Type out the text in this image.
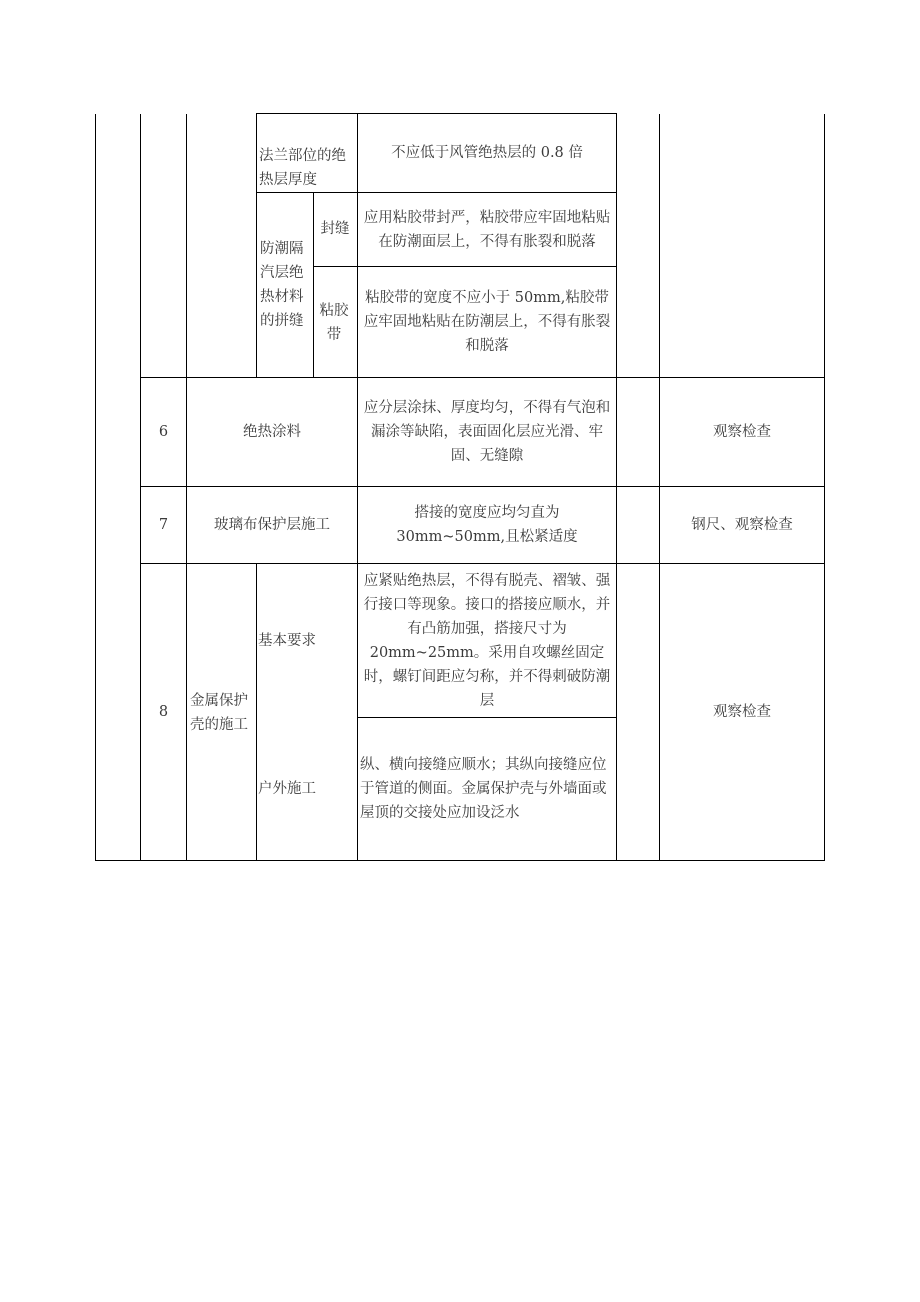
法兰部位的绝热层厚度
不应低于风管绝热层的 0.8 倍
防潮隔汽层绝热材料的拼缝
封缝
应用粘胶带封严，粘胶带应牢固地粘贴在防潮面层上，不得有胀裂和脱落
粘胶带
粘胶带的宽度不应小于 50mm,粘胶带应牢固地粘贴在防潮层上，不得有胀裂和脱落
6	绝热涂料
应分层涂抹、厚度均匀，不得有气泡和漏涂等缺陷，表面固化层应光滑、牢固、无缝隙
观察检查
7	玻璃布保护层施工
搭接的宽度应均匀直为 30mm~50mm,且松紧适度
钢尺、观察检查
8
金属保护壳的施工
基本要求
应紧贴绝热层，不得有脱壳、褶皱、强行接口等现象。接口的搭接应顺水，并有凸筋加强，搭接尺寸为 20mm~25mm。采用自攻螺丝固定时，螺钉间距应匀称，并不得刺破防潮层
户外施工
纵、横向接缝应顺水；其纵向接缝应位于管道的侧面。金属保护壳与外墙面或屋顶的交接处应加设泛水
观察检查
